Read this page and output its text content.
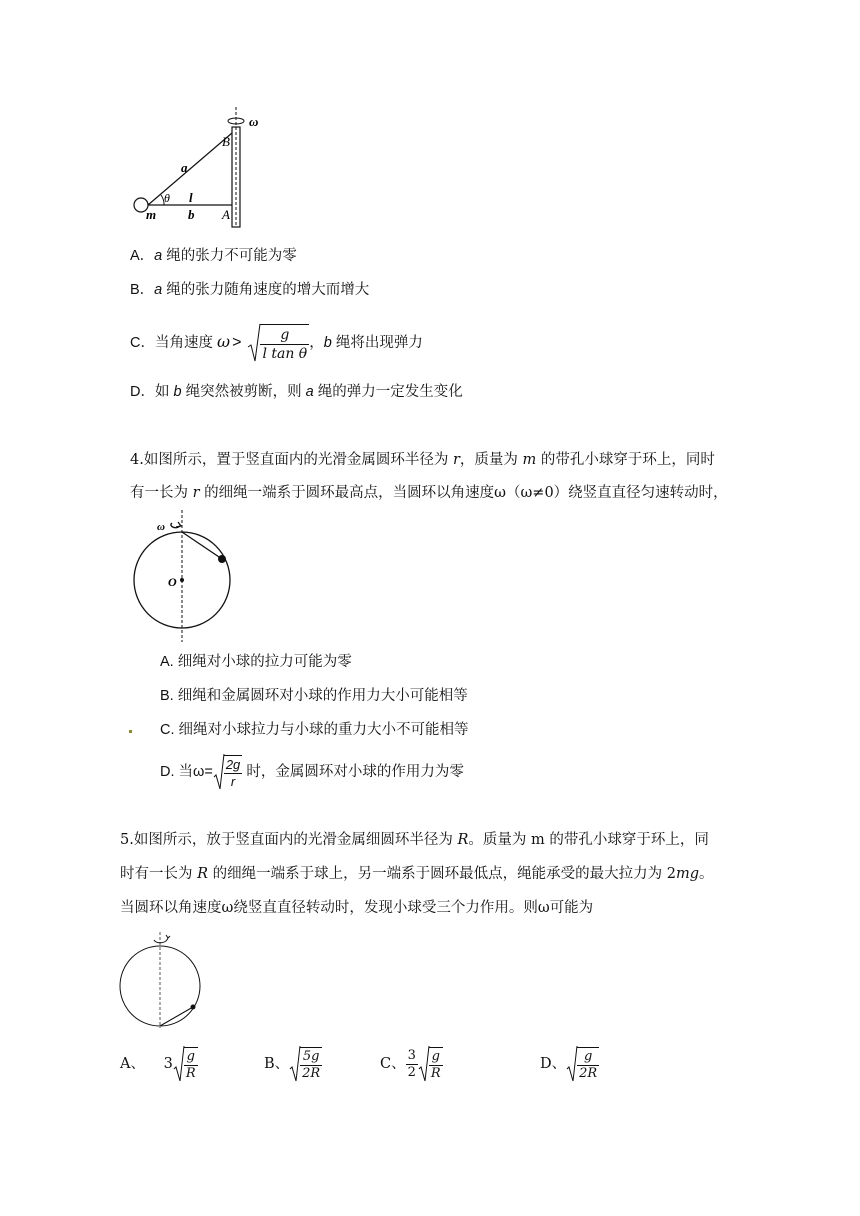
ω
B
a
θ l
m b A
A．a 绳的张力不可能为零
B．a 绳的张力随角速度的增大而增大
C．当角速度 $\omega > \frac{g}{\text{l tan θ}}$ ，b 绳将出现弹力
D．如 b 绳突然被剪断，则 a 绳的弹力一定发生变化
4.如图所示，置于竖直面内的光滑金属圆环半径为 r，质量为 m 的带孔小球穿于环上，同时
有一长为 r 的细绳一端系于圆环最高点，当圆环以角速度ω（ω≠0）绕竖直直径匀速转动时，
ω
O
A. 细绳对小球的拉力可能为零
B. 细绳和金属圆环对小球的作用力大小可能相等
C. 细绳对小球拉力与小球的重力大小不可能相等
D. 当$\omega= \frac{2g}{r}$ 时，金属圆环对小球的作用力为零
5.如图所示，放于竖直面内的光滑金属细圆环半径为 R。质量为 m 的带孔小球穿于环上，同
时有一长为 R 的细绳一端系于球上，另一端系于圆环最低点，绳能承受的最大拉力为 2mg。
当圆环以角速度ω绕竖直直径转动时，发现小球受三个力作用。则ω可能为
A、 $3 \frac{g}{R}$	B、 $\frac{5g}{2R}$	C、 $\frac{3}{2} \frac{g}{R}$	D、 $\frac{g}{2R}$
